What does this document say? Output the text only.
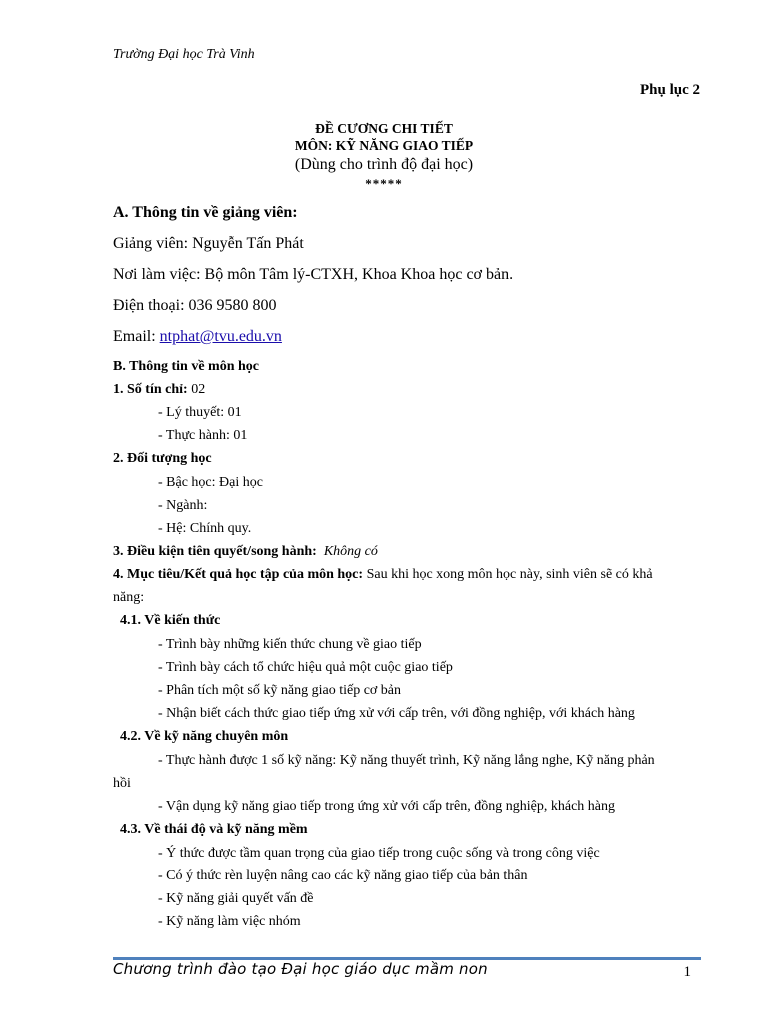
Trường Đại học Trà Vinh
Phụ lục 2
ĐỀ CƯƠNG CHI TIẾT
MÔN: KỸ NĂNG GIAO TIẾP
(Dùng cho trình độ đại học)
*****
A. Thông tin về giảng viên:
Giảng viên: Nguyễn Tấn Phát
Nơi làm việc: Bộ môn Tâm lý-CTXH, Khoa Khoa học cơ bản.
Điện thoại: 036 9580 800
Email: ntphat@tvu.edu.vn
B. Thông tin về môn học
1. Số tín chỉ: 02
- Lý thuyết: 01
- Thực hành: 01
2. Đối tượng học
- Bậc học: Đại học
- Ngành:
- Hệ: Chính quy.
3. Điều kiện tiên quyết/song hành: Không có
4. Mục tiêu/Kết quả học tập của môn học: Sau khi học xong môn học này, sinh viên sẽ có khả
năng:
4.1. Về kiến thức
- Trình bày những kiến thức chung về giao tiếp
- Trình bày cách tổ chức hiệu quả một cuộc giao tiếp
- Phân tích một số kỹ năng giao tiếp cơ bản
- Nhận biết cách thức giao tiếp ứng xử với cấp trên, với đồng nghiệp, với khách hàng
4.2. Về kỹ năng chuyên môn
- Thực hành được 1 số kỹ năng: Kỹ năng thuyết trình, Kỹ năng lắng nghe, Kỹ năng phản
hồi
- Vận dụng kỹ năng giao tiếp trong ứng xử với cấp trên, đồng nghiệp, khách hàng
4.3. Về thái độ và kỹ năng mềm
- Ý thức được tầm quan trọng của giao tiếp trong cuộc sống và trong công việc
- Có ý thức rèn luyện nâng cao các kỹ năng giao tiếp của bản thân
- Kỹ năng giải quyết vấn đề
- Kỹ năng làm việc nhóm
Chương trình đào tạo Đại học giáo dục mầm non	1
